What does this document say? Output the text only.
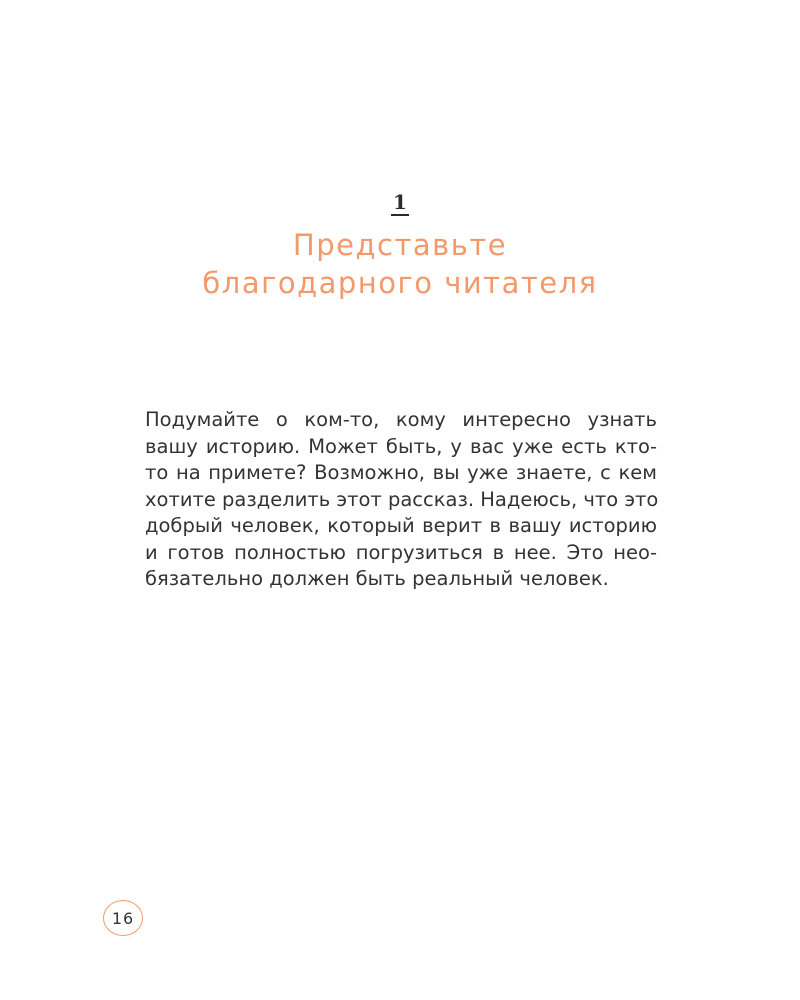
1
Представьте
благодарного читателя
Подумайте о ком-то, кому интересно узнать
вашу историю. Может быть, у вас уже есть кто-
то на примете? Возможно, вы уже знаете, с кем
хотите разделить этот рассказ. Надеюсь, что это
добрый человек, который верит в вашу историю
и готов полностью погрузиться в нее. Это нео-
бязательно должен быть реальный человек.
16
